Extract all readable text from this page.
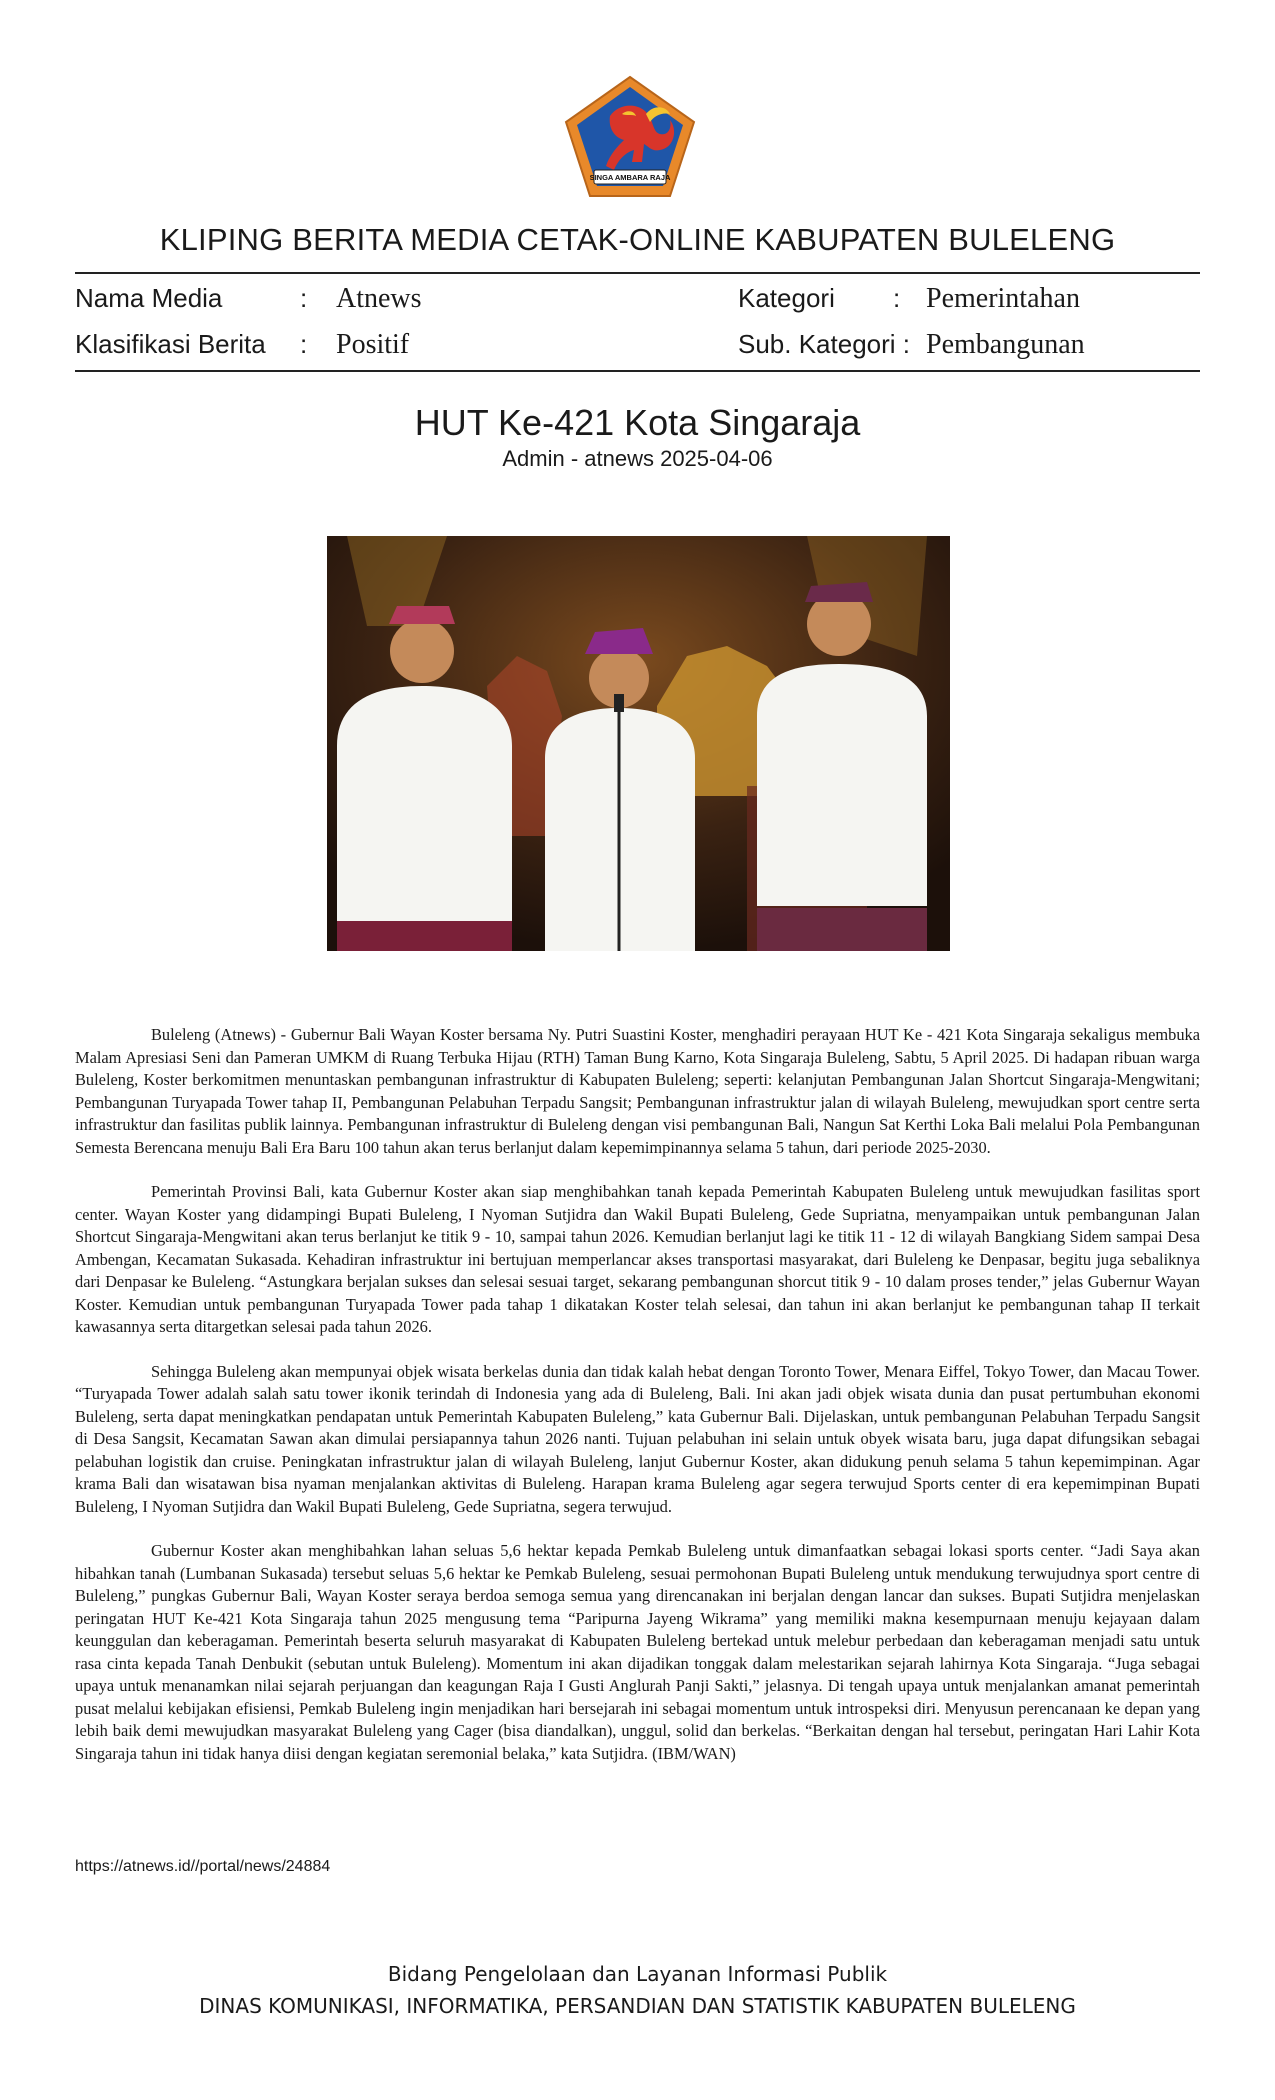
SINGA AMBARA RAJA
KLIPING BERITA MEDIA CETAK-ONLINE KABUPATEN BULELENG
Nama Media	: Atnews
Klasifikasi Berita : Positif
Kategori : Pemerintahan
Sub. Kategori : Pembangunan
HUT Ke-421 Kota Singaraja
Admin - atnews 2025-04-06

Buleleng (Atnews) - Gubernur Bali Wayan Koster bersama Ny. Putri Suastini Koster, menghadiri perayaan HUT Ke - 421 Kota Singaraja sekaligus membuka Malam Apresiasi Seni dan Pameran UMKM di Ruang Terbuka Hijau (RTH) Taman Bung Karno, Kota Singaraja Buleleng, Sabtu, 5 April 2025. Di hadapan ribuan warga Buleleng, Koster berkomitmen menuntaskan pembangunan infrastruktur di Kabupaten Buleleng; seperti: kelanjutan Pembangunan Jalan Shortcut Singaraja-Mengwitani; Pembangunan Turyapada Tower tahap II, Pembangunan Pelabuhan Terpadu Sangsit; Pembangunan infrastruktur jalan di wilayah Buleleng, mewujudkan sport centre serta infrastruktur dan fasilitas publik lainnya. Pembangunan infrastruktur di Buleleng dengan visi pembangunan Bali, Nangun Sat Kerthi Loka Bali melalui Pola Pembangunan Semesta Berencana menuju Bali Era Baru 100 tahun akan terus berlanjut dalam kepemimpinannya selama 5 tahun, dari periode 2025-2030.

Pemerintah Provinsi Bali, kata Gubernur Koster akan siap menghibahkan tanah kepada Pemerintah Kabupaten Buleleng untuk mewujudkan fasilitas sport center. Wayan Koster yang didampingi Bupati Buleleng, I Nyoman Sutjidra dan Wakil Bupati Buleleng, Gede Supriatna, menyampaikan untuk pembangunan Jalan Shortcut Singaraja-Mengwitani akan terus berlanjut ke titik 9 - 10, sampai tahun 2026. Kemudian berlanjut lagi ke titik 11 - 12 di wilayah Bangkiang Sidem sampai Desa Ambengan, Kecamatan Sukasada. Kehadiran infrastruktur ini bertujuan memperlancar akses transportasi masyarakat, dari Buleleng ke Denpasar, begitu juga sebaliknya dari Denpasar ke Buleleng. “Astungkara berjalan sukses dan selesai sesuai target, sekarang pembangunan shorcut titik 9 - 10 dalam proses tender,” jelas Gubernur Wayan Koster. Kemudian untuk pembangunan Turyapada Tower pada tahap 1 dikatakan Koster telah selesai, dan tahun ini akan berlanjut ke pembangunan tahap II terkait kawasannya serta ditargetkan selesai pada tahun 2026.

Sehingga Buleleng akan mempunyai objek wisata berkelas dunia dan tidak kalah hebat dengan Toronto Tower, Menara Eiffel, Tokyo Tower, dan Macau Tower. “Turyapada Tower adalah salah satu tower ikonik terindah di Indonesia yang ada di Buleleng, Bali. Ini akan jadi objek wisata dunia dan pusat pertumbuhan ekonomi Buleleng, serta dapat meningkatkan pendapatan untuk Pemerintah Kabupaten Buleleng,” kata Gubernur Bali. Dijelaskan, untuk pembangunan Pelabuhan Terpadu Sangsit di Desa Sangsit, Kecamatan Sawan akan dimulai persiapannya tahun 2026 nanti. Tujuan pelabuhan ini selain untuk obyek wisata baru, juga dapat difungsikan sebagai pelabuhan logistik dan cruise. Peningkatan infrastruktur jalan di wilayah Buleleng, lanjut Gubernur Koster, akan didukung penuh selama 5 tahun kepemimpinan. Agar krama Bali dan wisatawan bisa nyaman menjalankan aktivitas di Buleleng. Harapan krama Buleleng agar segera terwujud Sports center di era kepemimpinan Bupati Buleleng, I Nyoman Sutjidra dan Wakil Bupati Buleleng, Gede Supriatna, segera terwujud.

Gubernur Koster akan menghibahkan lahan seluas 5,6 hektar kepada Pemkab Buleleng untuk dimanfaatkan sebagai lokasi sports center. “Jadi Saya akan hibahkan tanah (Lumbanan Sukasada) tersebut seluas 5,6 hektar ke Pemkab Buleleng, sesuai permohonan Bupati Buleleng untuk mendukung terwujudnya sport centre di Buleleng,” pungkas Gubernur Bali, Wayan Koster seraya berdoa semoga semua yang direncanakan ini berjalan dengan lancar dan sukses. Bupati Sutjidra menjelaskan peringatan HUT Ke-421 Kota Singaraja tahun 2025 mengusung tema “Paripurna Jayeng Wikrama” yang memiliki makna kesempurnaan menuju kejayaan dalam keunggulan dan keberagaman. Pemerintah beserta seluruh masyarakat di Kabupaten Buleleng bertekad untuk melebur perbedaan dan keberagaman menjadi satu untuk rasa cinta kepada Tanah Denbukit (sebutan untuk Buleleng). Momentum ini akan dijadikan tonggak dalam melestarikan sejarah lahirnya Kota Singaraja. “Juga sebagai upaya untuk menanamkan nilai sejarah perjuangan dan keagungan Raja I Gusti Anglurah Panji Sakti,” jelasnya. Di tengah upaya untuk menjalankan amanat pemerintah pusat melalui kebijakan efisiensi, Pemkab Buleleng ingin menjadikan hari bersejarah ini sebagai momentum untuk introspeksi diri. Menyusun perencanaan ke depan yang lebih baik demi mewujudkan masyarakat Buleleng yang Cager (bisa diandalkan), unggul, solid dan berkelas. “Berkaitan dengan hal tersebut, peringatan Hari Lahir Kota Singaraja tahun ini tidak hanya diisi dengan kegiatan seremonial belaka,” kata Sutjidra. (IBM/WAN)

https://atnews.id//portal/news/24884
Bidang Pengelolaan dan Layanan Informasi Publik
DINAS KOMUNIKASI, INFORMATIKA, PERSANDIAN DAN STATISTIK KABUPATEN BULELENG
